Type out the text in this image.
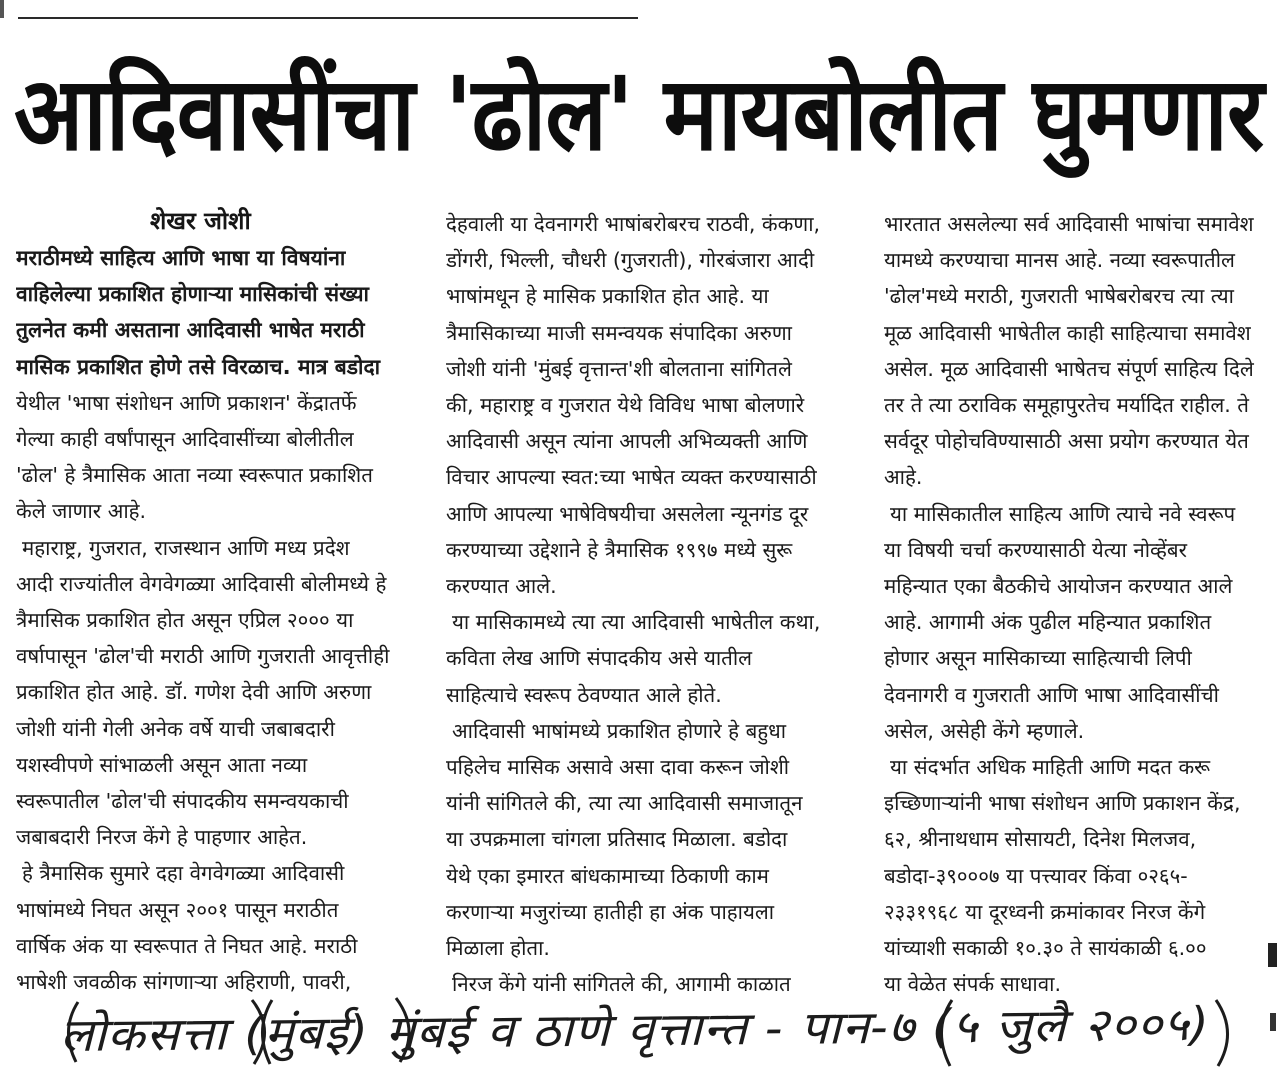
आदिवासींचा 'ढोल' मायबोलीत घुमणार
शेखर जोशी
मराठीमध्ये साहित्य आणि भाषा या विषयांना
वाहिलेल्या प्रकाशित होणाऱ्या मासिकांची संख्या
तुलनेत कमी असताना आदिवासी भाषेत मराठी
मासिक प्रकाशित होणे तसे विरळाच. मात्र बडोदा
येथील 'भाषा संशोधन आणि प्रकाशन' केंद्रातर्फे
गेल्या काही वर्षांपासून आदिवासींच्या बोलीतील
'ढोल' हे त्रैमासिक आता नव्या स्वरूपात प्रकाशित
केले जाणार आहे.
महाराष्ट्र, गुजरात, राजस्थान आणि मध्य प्रदेश
आदी राज्यांतील वेगवेगळ्या आदिवासी बोलीमध्ये हे
त्रैमासिक प्रकाशित होत असून एप्रिल २००० या
वर्षापासून 'ढोल'ची मराठी आणि गुजराती आवृत्तीही
प्रकाशित होत आहे. डॉ. गणेश देवी आणि अरुणा
जोशी यांनी गेली अनेक वर्षे याची जबाबदारी
यशस्वीपणे सांभाळली असून आता नव्या
स्वरूपातील 'ढोल'ची संपादकीय समन्वयकाची
जबाबदारी निरज केंगे हे पाहणार आहेत.
हे त्रैमासिक सुमारे दहा वेगवेगळ्या आदिवासी
भाषांमध्ये निघत असून २००१ पासून मराठीत
वार्षिक अंक या स्वरूपात ते निघत आहे. मराठी
भाषेशी जवळीक सांगणाऱ्या अहिराणी, पावरी,
देहवाली या देवनागरी भाषांबरोबरच राठवी, कंकणा,
डोंगरी, भिल्ली, चौधरी (गुजराती), गोरबंजारा आदी
भाषांमधून हे मासिक प्रकाशित होत आहे. या
त्रैमासिकाच्या माजी समन्वयक संपादिका अरुणा
जोशी यांनी 'मुंबई वृत्तान्त'शी बोलताना सांगितले
की, महाराष्ट्र व गुजरात येथे विविध भाषा बोलणारे
आदिवासी असून त्यांना आपली अभिव्यक्ती आणि
विचार आपल्या स्वत:च्या भाषेत व्यक्त करण्यासाठी
आणि आपल्या भाषेविषयीचा असलेला न्यूनगंड दूर
करण्याच्या उद्देशाने हे त्रैमासिक १९९७ मध्ये सुरू
करण्यात आले.
या मासिकामध्ये त्या त्या आदिवासी भाषेतील कथा,
कविता लेख आणि संपादकीय असे यातील
साहित्याचे स्वरूप ठेवण्यात आले होते.
आदिवासी भाषांमध्ये प्रकाशित होणारे हे बहुधा
पहिलेच मासिक असावे असा दावा करून जोशी
यांनी सांगितले की, त्या त्या आदिवासी समाजातून
या उपक्रमाला चांगला प्रतिसाद मिळाला. बडोदा
येथे एका इमारत बांधकामाच्या ठिकाणी काम
करणाऱ्या मजुरांच्या हातीही हा अंक पाहायला
मिळाला होता.
निरज केंगे यांनी सांगितले की, आगामी काळात
भारतात असलेल्या सर्व आदिवासी भाषांचा समावेश
यामध्ये करण्याचा मानस आहे. नव्या स्वरूपातील
'ढोल'मध्ये मराठी, गुजराती भाषेबरोबरच त्या त्या
मूळ आदिवासी भाषेतील काही साहित्याचा समावेश
असेल. मूळ आदिवासी भाषेतच संपूर्ण साहित्य दिले
तर ते त्या ठराविक समूहापुरतेच मर्यादित राहील. ते
सर्वदूर पोहोचविण्यासाठी असा प्रयोग करण्यात येत
आहे.
या मासिकातील साहित्य आणि त्याचे नवे स्वरूप
या विषयी चर्चा करण्यासाठी येत्या नोव्हेंबर
महिन्यात एका बैठकीचे आयोजन करण्यात आले
आहे. आगामी अंक पुढील महिन्यात प्रकाशित
होणार असून मासिकाच्या साहित्याची लिपी
देवनागरी व गुजराती आणि भाषा आदिवासींची
असेल, असेही केंगे म्हणाले.
या संदर्भात अधिक माहिती आणि मदत करू
इच्छिणाऱ्यांनी भाषा संशोधन आणि प्रकाशन केंद्र,
६२, श्रीनाथधाम सोसायटी, दिनेश मिलजव,
बडोदा-३९०००७ या पत्त्यावर किंवा ०२६५-
२३३१९६८ या दूरध्वनी क्रमांकावर निरज केंगे
यांच्याशी सकाळी १०.३० ते सायंकाळी ६.००
या वेळेत संपर्क साधावा.
लोकसत्ता (मुंबई) मुंबई व ठाणे वृत्तान्त - पान-७ (५ जुलै २००५)
